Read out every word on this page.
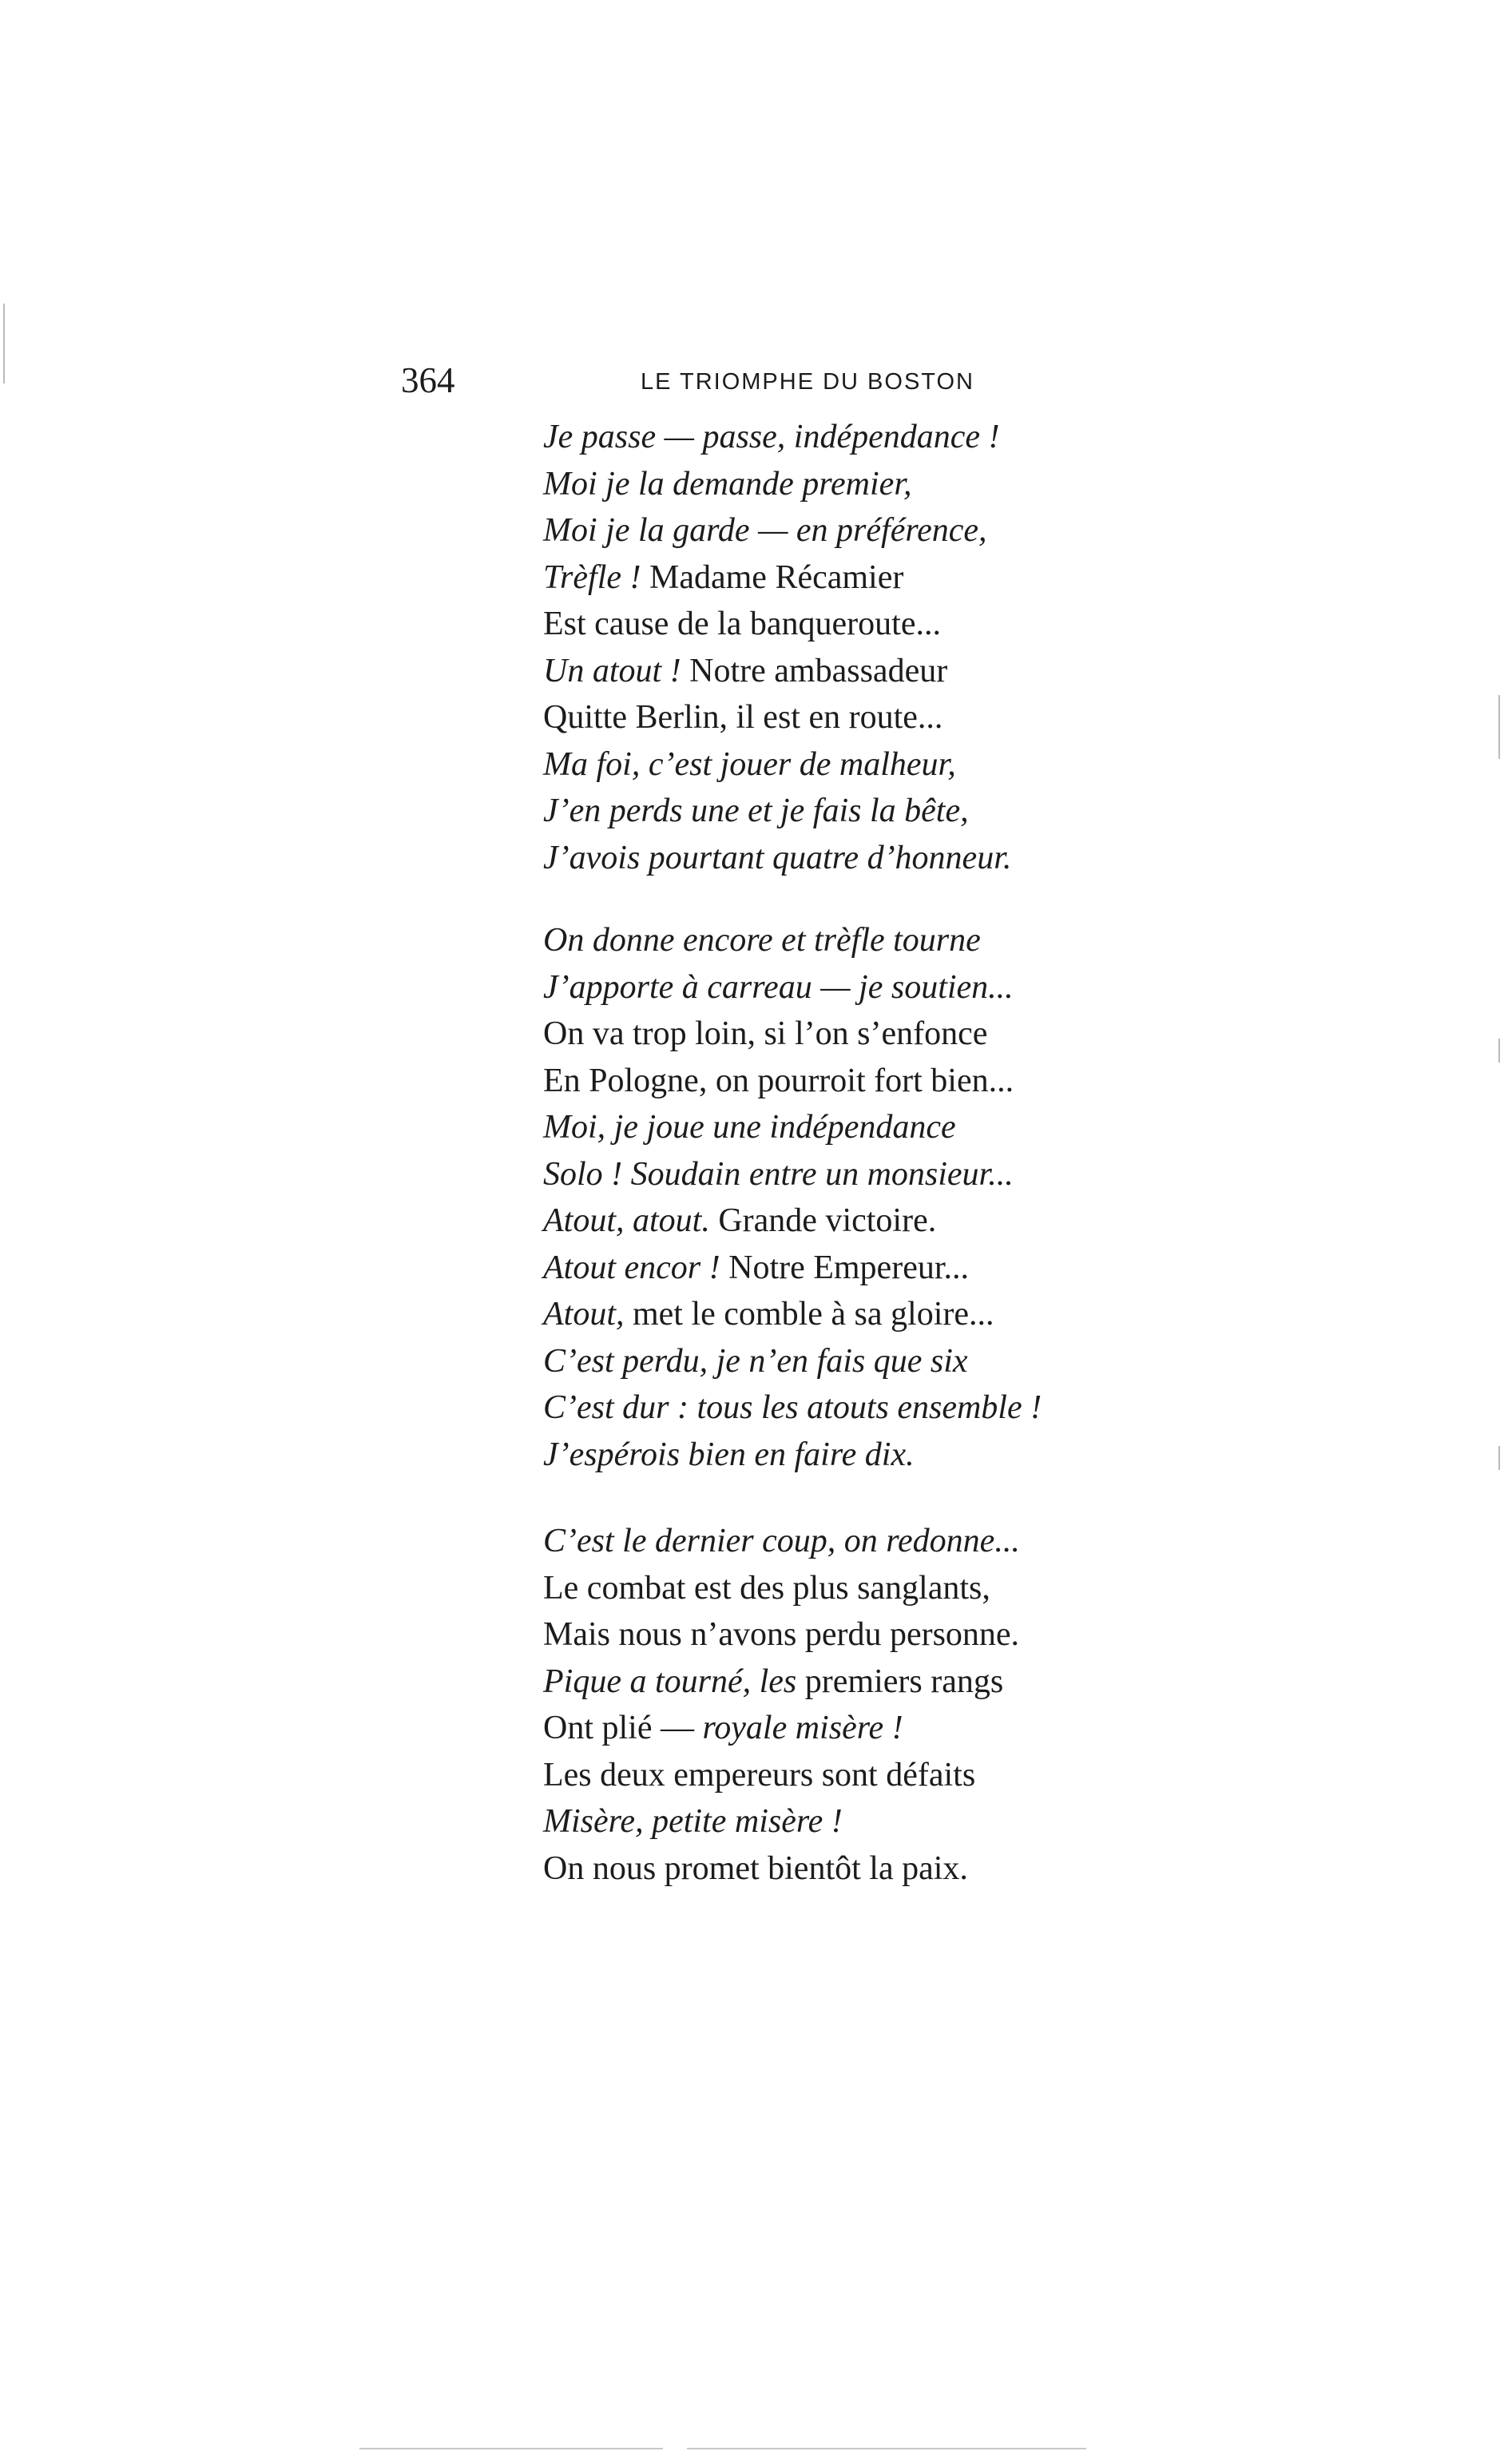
364	LE TRIOMPHE DU BOSTON
Je passe — passe, indépendance !
Moi je la demande premier,
Moi je la garde — en préférence,
Trèfle ! Madame Récamier
Est cause de la banqueroute...
Un atout ! Notre ambassadeur
Quitte Berlin, il est en route...
Ma foi, c’est jouer de malheur,
J’en perds une et je fais la bête,
J’avois pourtant quatre d’honneur.
On donne encore et trèfle tourne
J’apporte à carreau — je soutien...
On va trop loin, si l’on s’enfonce
En Pologne, on pourroit fort bien...
Moi, je joue une indépendance
Solo ! Soudain entre un monsieur...
Atout, atout. Grande victoire.
Atout encor ! Notre Empereur...
Atout, met le comble à sa gloire...
C’est perdu, je n’en fais que six
C’est dur : tous les atouts ensemble !
J’espérois bien en faire dix.
C’est le dernier coup, on redonne...
Le combat est des plus sanglants,
Mais nous n’avons perdu personne.
Pique a tourné, les premiers rangs
Ont plié — royale misère !
Les deux empereurs sont défaits
Misère, petite misère !
On nous promet bientôt la paix.
